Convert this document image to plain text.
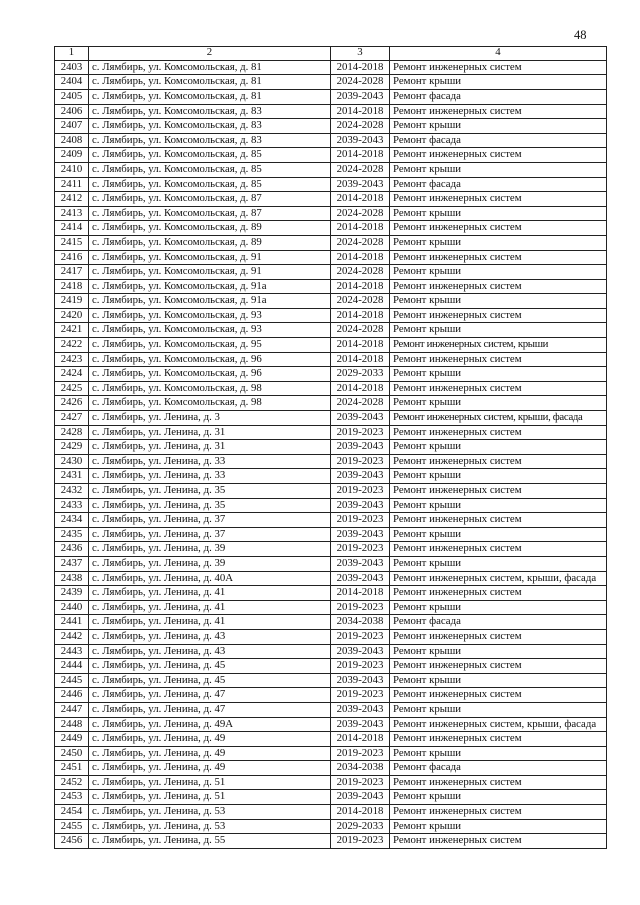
48
1	2	3	4
2403	с. Лямбирь, ул. Комсомольская, д. 81	2014-2018	Ремонт инженерных систем
2404	с. Лямбирь, ул. Комсомольская, д. 81	2024-2028	Ремонт крыши
2405	с. Лямбирь, ул. Комсомольская, д. 81	2039-2043	Ремонт фасада
2406	с. Лямбирь, ул. Комсомольская, д. 83	2014-2018	Ремонт инженерных систем
2407	с. Лямбирь, ул. Комсомольская, д. 83	2024-2028	Ремонт крыши
2408	с. Лямбирь, ул. Комсомольская, д. 83	2039-2043	Ремонт фасада
2409	с. Лямбирь, ул. Комсомольская, д. 85	2014-2018	Ремонт инженерных систем
2410	с. Лямбирь, ул. Комсомольская, д. 85	2024-2028	Ремонт крыши
2411	с. Лямбирь, ул. Комсомольская, д. 85	2039-2043	Ремонт фасада
2412	с. Лямбирь, ул. Комсомольская, д. 87	2014-2018	Ремонт инженерных систем
2413	с. Лямбирь, ул. Комсомольская, д. 87	2024-2028	Ремонт крыши
2414	с. Лямбирь, ул. Комсомольская, д. 89	2014-2018	Ремонт инженерных систем
2415	с. Лямбирь, ул. Комсомольская, д. 89	2024-2028	Ремонт крыши
2416	с. Лямбирь, ул. Комсомольская, д. 91	2014-2018	Ремонт инженерных систем
2417	с. Лямбирь, ул. Комсомольская, д. 91	2024-2028	Ремонт крыши
2418	с. Лямбирь, ул. Комсомольская, д. 91а	2014-2018	Ремонт инженерных систем
2419	с. Лямбирь, ул. Комсомольская, д. 91а	2024-2028	Ремонт крыши
2420	с. Лямбирь, ул. Комсомольская, д. 93	2014-2018	Ремонт инженерных систем
2421	с. Лямбирь, ул. Комсомольская, д. 93	2024-2028	Ремонт крыши
2422	с. Лямбирь, ул. Комсомольская, д. 95	2014-2018	Ремонт инженерных систем, крыши
2423	с. Лямбирь, ул. Комсомольская, д. 96	2014-2018	Ремонт инженерных систем
2424	с. Лямбирь, ул. Комсомольская, д. 96	2029-2033	Ремонт крыши
2425	с. Лямбирь, ул. Комсомольская, д. 98	2014-2018	Ремонт инженерных систем
2426	с. Лямбирь, ул. Комсомольская, д. 98	2024-2028	Ремонт крыши
2427	с. Лямбирь, ул. Ленина, д. 3	2039-2043	Ремонт инженерных систем, крыши, фасада
2428	с. Лямбирь, ул. Ленина, д. 31	2019-2023	Ремонт инженерных систем
2429	с. Лямбирь, ул. Ленина, д. 31	2039-2043	Ремонт крыши
2430	с. Лямбирь, ул. Ленина, д. 33	2019-2023	Ремонт инженерных систем
2431	с. Лямбирь, ул. Ленина, д. 33	2039-2043	Ремонт крыши
2432	с. Лямбирь, ул. Ленина, д. 35	2019-2023	Ремонт инженерных систем
2433	с. Лямбирь, ул. Ленина, д. 35	2039-2043	Ремонт крыши
2434	с. Лямбирь, ул. Ленина, д. 37	2019-2023	Ремонт инженерных систем
2435	с. Лямбирь, ул. Ленина, д. 37	2039-2043	Ремонт крыши
2436	с. Лямбирь, ул. Ленина, д. 39	2019-2023	Ремонт инженерных систем
2437	с. Лямбирь, ул. Ленина, д. 39	2039-2043	Ремонт крыши
2438	с. Лямбирь, ул. Ленина, д. 40А	2039-2043	Ремонт инженерных систем, крыши, фасада
2439	с. Лямбирь, ул. Ленина, д. 41	2014-2018	Ремонт инженерных систем
2440	с. Лямбирь, ул. Ленина, д. 41	2019-2023	Ремонт крыши
2441	с. Лямбирь, ул. Ленина, д. 41	2034-2038	Ремонт фасада
2442	с. Лямбирь, ул. Ленина, д. 43	2019-2023	Ремонт инженерных систем
2443	с. Лямбирь, ул. Ленина, д. 43	2039-2043	Ремонт крыши
2444	с. Лямбирь, ул. Ленина, д. 45	2019-2023	Ремонт инженерных систем
2445	с. Лямбирь, ул. Ленина, д. 45	2039-2043	Ремонт крыши
2446	с. Лямбирь, ул. Ленина, д. 47	2019-2023	Ремонт инженерных систем
2447	с. Лямбирь, ул. Ленина, д. 47	2039-2043	Ремонт крыши
2448	с. Лямбирь, ул. Ленина, д. 49А	2039-2043	Ремонт инженерных систем, крыши, фасада
2449	с. Лямбирь, ул. Ленина, д. 49	2014-2018	Ремонт инженерных систем
2450	с. Лямбирь, ул. Ленина, д. 49	2019-2023	Ремонт крыши
2451	с. Лямбирь, ул. Ленина, д. 49	2034-2038	Ремонт фасада
2452	с. Лямбирь, ул. Ленина, д. 51	2019-2023	Ремонт инженерных систем
2453	с. Лямбирь, ул. Ленина, д. 51	2039-2043	Ремонт крыши
2454	с. Лямбирь, ул. Ленина, д. 53	2014-2018	Ремонт инженерных систем
2455	с. Лямбирь, ул. Ленина, д. 53	2029-2033	Ремонт крыши
2456	с. Лямбирь, ул. Ленина, д. 55	2019-2023	Ремонт инженерных систем
